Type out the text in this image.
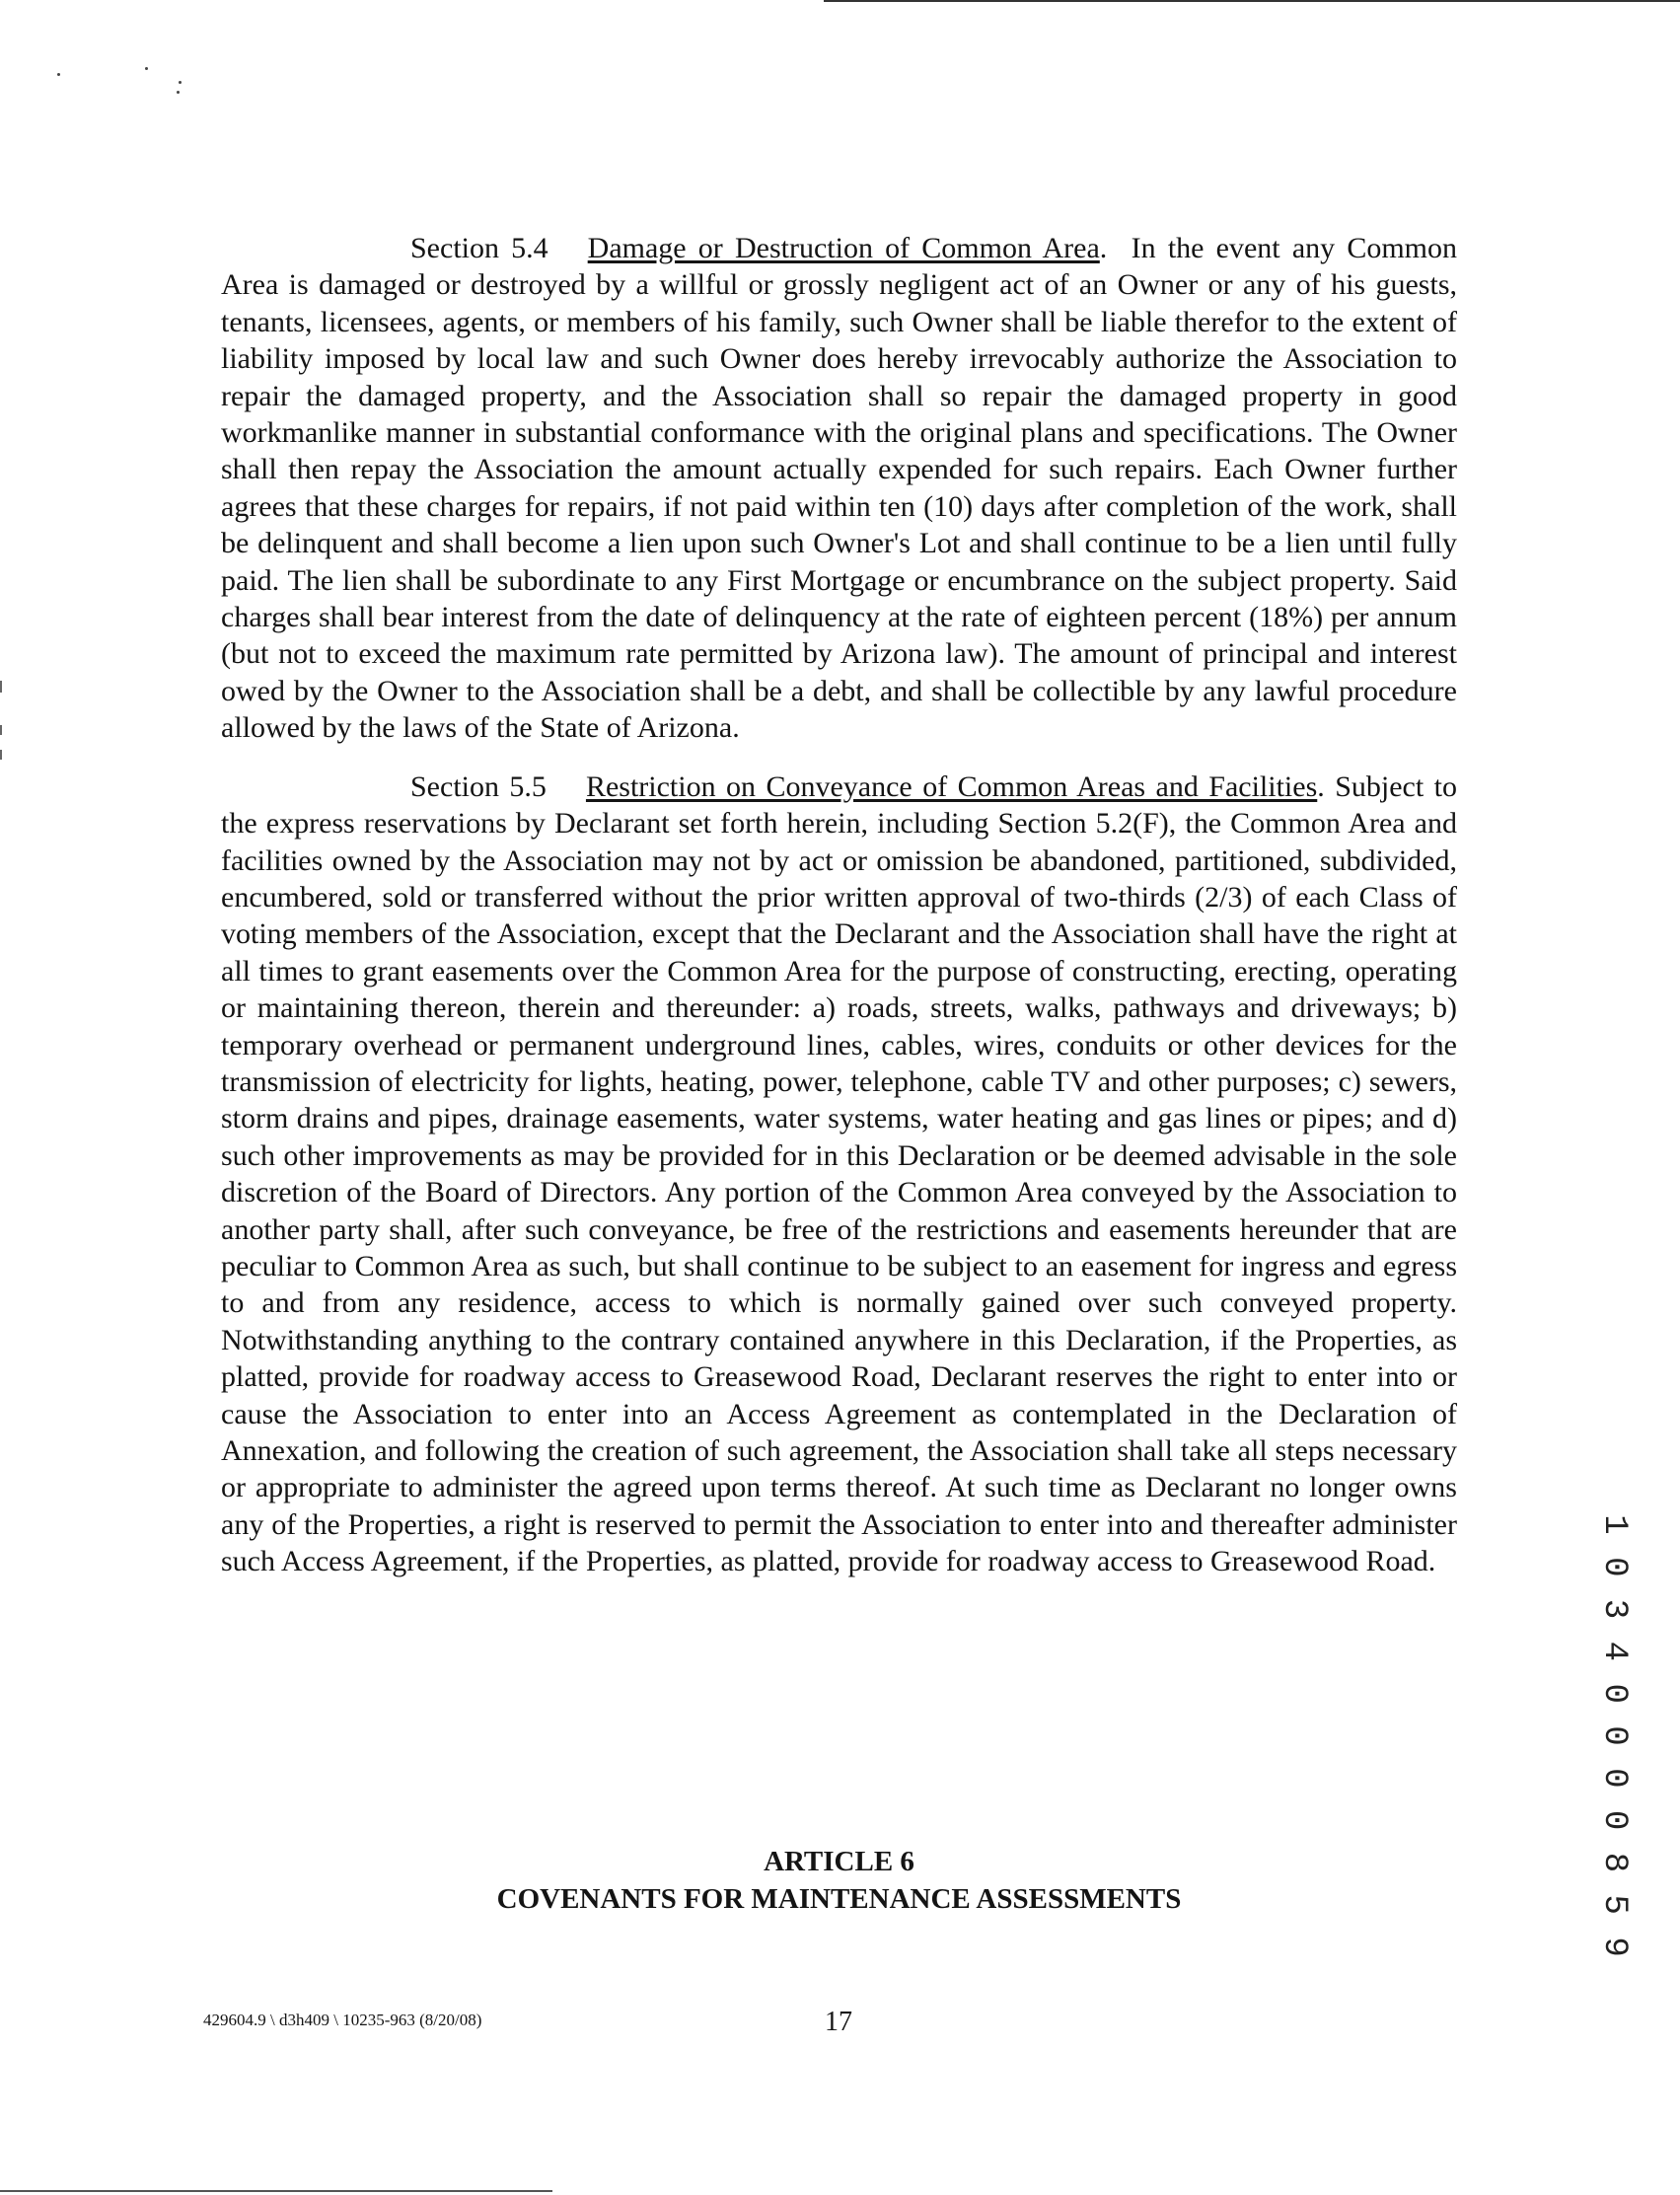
Section 5.4 Damage or Destruction of Common Area. In the event any Common Area is damaged or destroyed by a willful or grossly negligent act of an Owner or any of his guests, tenants, licensees, agents, or members of his family, such Owner shall be liable therefor to the extent of liability imposed by local law and such Owner does hereby irrevocably authorize the Association to repair the damaged property, and the Association shall so repair the damaged property in good workmanlike manner in substantial conformance with the original plans and specifications. The Owner shall then repay the Association the amount actually expended for such repairs. Each Owner further agrees that these charges for repairs, if not paid within ten (10) days after completion of the work, shall be delinquent and shall become a lien upon such Owner's Lot and shall continue to be a lien until fully paid. The lien shall be subordinate to any First Mortgage or encumbrance on the subject property. Said charges shall bear interest from the date of delinquency at the rate of eighteen percent (18%) per annum (but not to exceed the maximum rate permitted by Arizona law). The amount of principal and interest owed by the Owner to the Association shall be a debt, and shall be collectible by any lawful procedure allowed by the laws of the State of Arizona.

Section 5.5 Restriction on Conveyance of Common Areas and Facilities. Subject to the express reservations by Declarant set forth herein, including Section 5.2(F), the Common Area and facilities owned by the Association may not by act or omission be abandoned, partitioned, subdivided, encumbered, sold or transferred without the prior written approval of two-thirds (2/3) of each Class of voting members of the Association, except that the Declarant and the Association shall have the right at all times to grant easements over the Common Area for the purpose of constructing, erecting, operating or maintaining thereon, therein and thereunder: a) roads, streets, walks, pathways and driveways; b) temporary overhead or permanent underground lines, cables, wires, conduits or other devices for the transmission of electricity for lights, heating, power, telephone, cable TV and other purposes; c) sewers, storm drains and pipes, drainage easements, water systems, water heating and gas lines or pipes; and d) such other improvements as may be provided for in this Declaration or be deemed advisable in the sole discretion of the Board of Directors. Any portion of the Common Area conveyed by the Association to another party shall, after such conveyance, be free of the restrictions and easements hereunder that are peculiar to Common Area as such, but shall continue to be subject to an easement for ingress and egress to and from any residence, access to which is normally gained over such conveyed property. Notwithstanding anything to the contrary contained anywhere in this Declaration, if the Properties, as platted, provide for roadway access to Greasewood Road, Declarant reserves the right to enter into or cause the Association to enter into an Access Agreement as contemplated in the Declaration of Annexation, and following the creation of such agreement, the Association shall take all steps necessary or appropriate to administer the agreed upon terms thereof. At such time as Declarant no longer owns any of the Properties, a right is reserved to permit the Association to enter into and thereafter administer such Access Agreement, if the Properties, as platted, provide for roadway access to Greasewood Road.	1 0 3 4 0 0 0 0 8 5 9
ARTICLE 6
COVENANTS FOR MAINTENANCE ASSESSMENTS
429604.9 \ d3h409 \ 10235-963 (8/20/08)	17
